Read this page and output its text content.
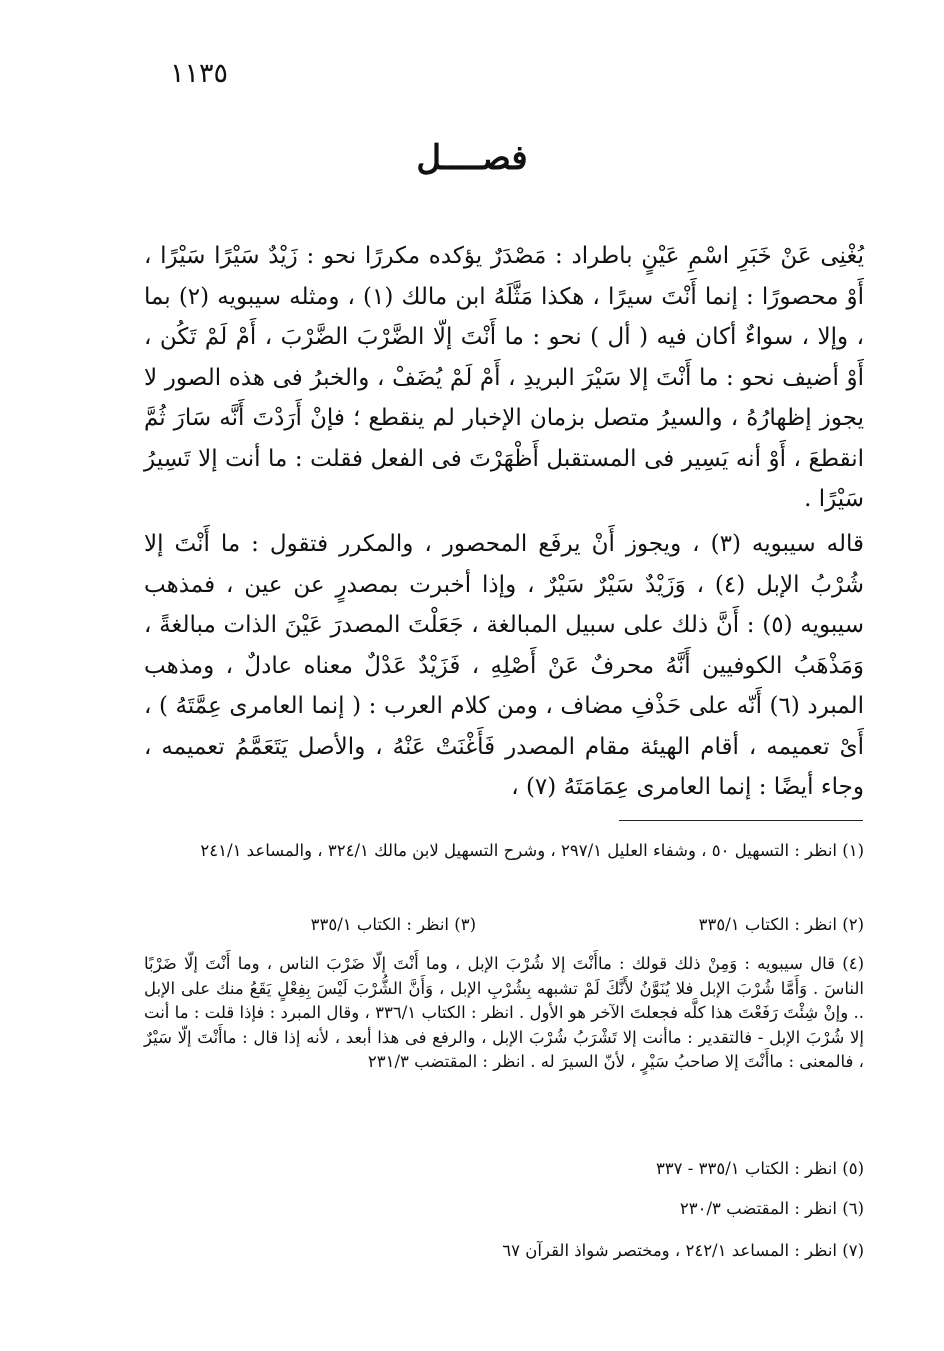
١١٣٥
فصــــل

يُغْنِى عَنْ خَبَرِ اسْمِ عَيْنٍ باطراد : مَصْدَرٌ يؤكده مكررًا نحو : زَيْدٌ سَيْرًا سَيْرًا ، أَوْ محصورًا : إنما أَنْتَ سيرًا ، هكذا مَثَّلَهُ ابن مالك (١) ، ومثله سيبويه (٢) بما ، وإلا ، سواءٌ أكان فيه ( أل ) نحو : ما أَنْتَ إلّا الضَّرْبَ الضَّرْبَ ، أَمْ لَمْ تَكُن ، أَوْ أضيف نحو : ما أَنْتَ إلا سَيْرَ البريدِ ، أَمْ لَمْ يُضَفْ ، والخبرُ فى هذه الصور لا يجوز إظهارُهُ ، والسيرُ متصل بزمان الإخبار لم ينقطع ؛ فإنْ أَرَدْتَ أَنَّه سَارَ ثُمَّ انقطعَ ، أَوْ أنه يَسِير فى المستقبل أَظْهَرْتَ فى الفعل فقلت : ما أنت إلا تَسِيرُ سَيْرًا .

قاله سيبويه (٣) ، ويجوز أَنْ يرفَع المحصور ، والمكرر فتقول : ما أَنْتَ إلا شُرْبُ الإبل (٤) ، وَزَيْدٌ سَيْرٌ سَيْرٌ ، وإذا أخبرت بمصدرٍ عن عين ، فمذهب سيبويه (٥) : أَنَّ ذلك على سبيل المبالغة ، جَعَلْتَ المصدرَ عَيْنَ الذات مبالغةً ، وَمَذْهَبُ الكوفيين أَنَّهُ محرفٌ عَنْ أَصْلِهِ ، فَزَيْدٌ عَدْلٌ معناه عادلٌ ، ومذهب المبرد (٦) أَنّه على حَذْفِ مضاف ، ومن كلام العرب : ( إنما العامرى عِمَّتَهُ ) ، أَىْ تعميمه ، أقام الهيئة مقام المصدر فَأَغْنَتْ عَنْهُ ، والأصل يَتَعَمَّمُ تعميمه ، وجاء أيضًا : إنما العامرى عِمَامَتَهُ (٧) ،

(١) انظر : التسهيل ٥٠ ، وشفاء العليل ٢٩٧/١ ، وشرح التسهيل لابن مالك ٣٢٤/١ ، والمساعد ٢٤١/١
(٢) انظر : الكتاب ٣٣٥/١
(٣) انظر : الكتاب ٣٣٥/١
(٤) قال سيبويه : وَمِنْ ذلك قولك : ماأَنْتَ إلا شُرْبَ الإبل ، وما أَنْتَ إلّا ضَرْبَ الناس ، وما أَنْتَ إلّا ضَرْبًا الناسَ . وَأَمَّا شُرْبَ الإبل فلا يُنَوَّنُ لأَنَّكَ لَمْ تشبهه بِشُرْبِ الإبل ، وَأَنَّ الشُّرْبَ لَيْسَ بِفِعْلٍ يَقَعُ منك على الإبل .. وإنْ شِئْتَ رَفَعْتَ هذا كلَّه فجعلتَ الآخر هو الأول . انظر : الكتاب ٣٣٦/١ ، وقال المبرد : فإذا قلت : ما أنت إلا شُرْبَ الإبل - فالتقدير : ماأنت إلا تَشْرَبُ شُرْبَ الإبل ، والرفع فى هذا أبعد ، لأنه إذا قال : ماأَنْتَ إلّا سَيْرٌ ، فالمعنى : ماأَنْتَ إلا صاحبُ سَيْرٍ ، لأنّ السيرَ له . انظر : المقتضب ٢٣١/٣
(٥) انظر : الكتاب ٣٣٥/١ - ٣٣٧
(٦) انظر : المقتضب ٢٣٠/٣
(٧) انظر : المساعد ٢٤٢/١ ، ومختصر شواذ القرآن ٦٧
